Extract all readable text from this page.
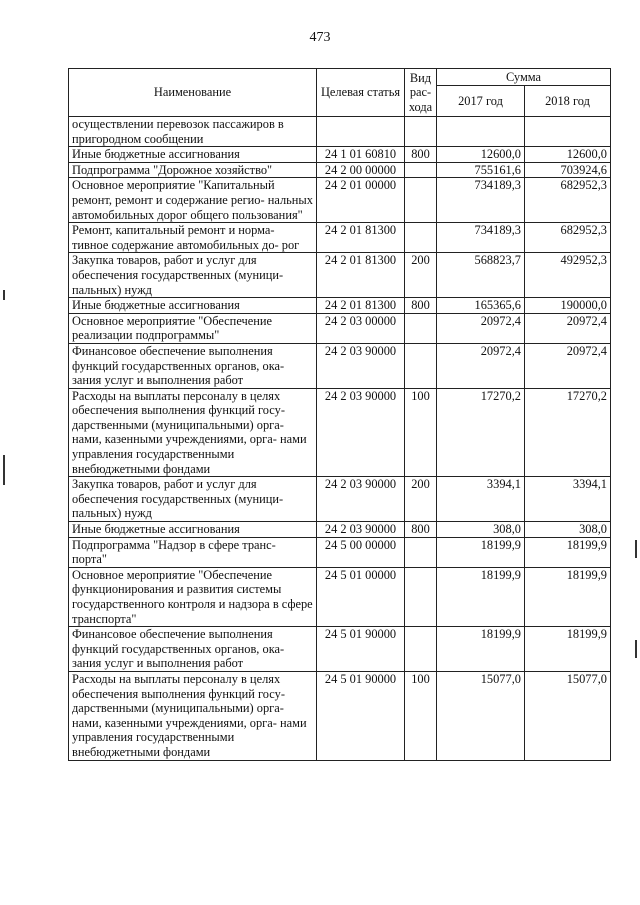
473
Наименование	Целевая статья	Вид рас- хода	Сумма	
			2017 год	2018 год
осуществлении перевозок пассажиров в пригородном сообщении				
Иные бюджетные ассигнования	24 1 01 60810	800	12600,0	12600,0
Подпрограмма "Дорожное хозяйство"	24 2 00 00000		755161,6	703924,6
Основное мероприятие "Капитальный ремонт, ремонт и содержание регио- нальных автомобильных дорог общего пользования"	24 2 01 00000		734189,3	682952,3
Ремонт, капитальный ремонт и норма- тивное содержание автомобильных до- рог	24 2 01 81300		734189,3	682952,3
Закупка товаров, работ и услуг для обеспечения государственных (муници- пальных) нужд	24 2 01 81300	200	568823,7	492952,3
Иные бюджетные ассигнования	24 2 01 81300	800	165365,6	190000,0
Основное мероприятие "Обеспечение реализации подпрограммы"	24 2 03 00000		20972,4	20972,4
Финансовое обеспечение выполнения функций государственных органов, ока- зания услуг и выполнения работ	24 2 03 90000		20972,4	20972,4
Расходы на выплаты персоналу в целях обеспечения выполнения функций госу- дарственными (муниципальными) орга- нами, казенными учреждениями, орга- нами управления государственными внебюджетными фондами	24 2 03 90000	100	17270,2	17270,2
Закупка товаров, работ и услуг для обеспечения государственных (муници- пальных) нужд	24 2 03 90000	200	3394,1	3394,1
Иные бюджетные ассигнования	24 2 03 90000	800	308,0	308,0
Подпрограмма "Надзор в сфере транс- порта"	24 5 00 00000		18199,9	18199,9
Основное мероприятие "Обеспечение функционирования и развития системы государственного контроля и надзора в сфере транспорта"	24 5 01 00000		18199,9	18199,9
Финансовое обеспечение выполнения функций государственных органов, ока- зания услуг и выполнения работ	24 5 01 90000		18199,9	18199,9
Расходы на выплаты персоналу в целях обеспечения выполнения функций госу- дарственными (муниципальными) орга- нами, казенными учреждениями, орга- нами управления государственными внебюджетными фондами	24 5 01 90000	100	15077,0	15077,0
